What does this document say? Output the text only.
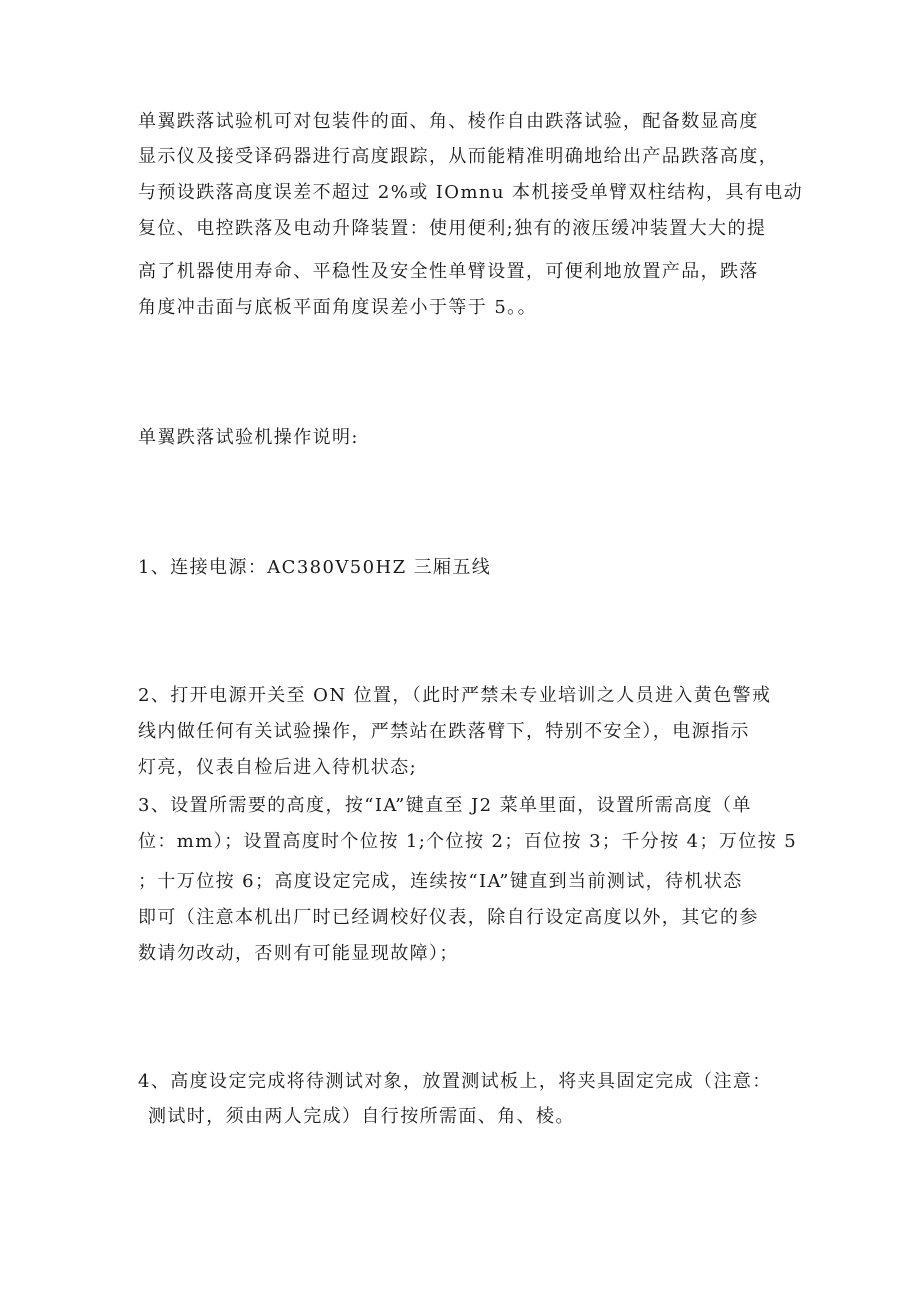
单翼跌落试验机可对包装件的面、角、棱作自由跌落试验，配备数显高度
显示仪及接受译码器进行高度跟踪，从而能精准明确地给出产品跌落高度，
与预设跌落高度误差不超过 2%或 IOmnu 本机接受单臂双柱结构，具有电动
复位、电控跌落及电动升降装置：使用便利;独有的液压缓冲装置大大的提
高了机器使用寿命、平稳性及安全性单臂设置，可便利地放置产品，跌落
角度冲击面与底板平面角度误差小于等于 5。。
单翼跌落试验机操作说明:
1、连接电源：AC380V50HZ 三厢五线
2、打开电源开关至 ON 位置，（此时严禁未专业培训之人员进入黄色警戒
线内做任何有关试验操作，严禁站在跌落臂下，特别不安全），电源指示
灯亮，仪表自检后进入待机状态;
3、设置所需要的高度，按“IA”键直至 J2 菜单里面，设置所需高度（单
位：mm）；设置高度时个位按 1;个位按 2；百位按 3；千分按 4；万位按 5
；十万位按 6；高度设定完成，连续按“IA”键直到当前测试，待机状态
即可（注意本机出厂时已经调校好仪表，除自行设定高度以外，其它的参
数请勿改动，否则有可能显现故障）；
4、高度设定完成将待测试对象，放置测试板上，将夹具固定完成（注意：
测试时，须由两人完成）自行按所需面、角、棱。
